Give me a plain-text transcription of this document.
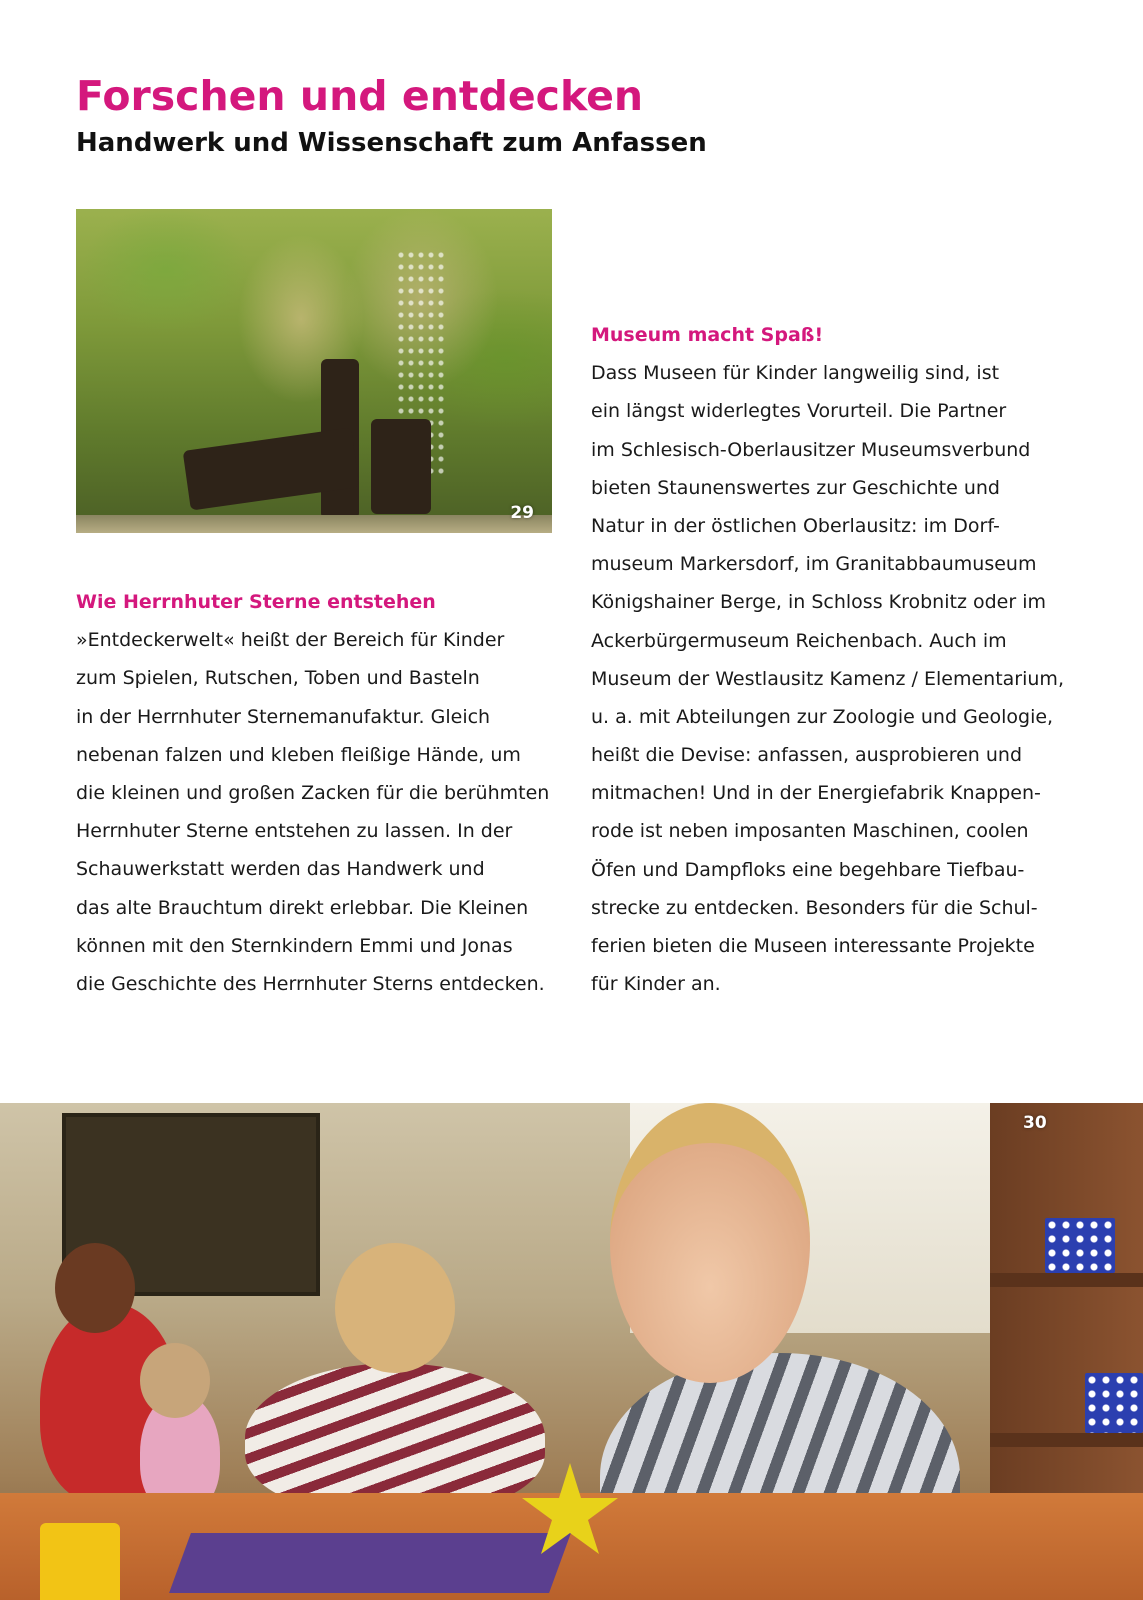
Forschen und entdecken
Handwerk und Wissenschaft zum Anfassen
29
Wie Herrnhuter Sterne entstehen
»Entdeckerwelt« heißt der Bereich für Kinder
zum Spielen, Rutschen, Toben und Basteln
in der Herrnhuter Sternemanufaktur. Gleich
nebenan falzen und kleben fleißige Hände, um
die kleinen und großen Zacken für die berühmten
Herrnhuter Sterne entstehen zu lassen. In der
Schauwerkstatt werden das Handwerk und
das alte Brauchtum direkt erlebbar. Die Kleinen
können mit den Sternkindern Emmi und Jonas
die Geschichte des Herrnhuter Sterns entdecken.
Museum macht Spaß!
Dass Museen für Kinder langweilig sind, ist
ein längst widerlegtes Vorurteil. Die Partner
im Schlesisch-Oberlausitzer Museumsverbund
bieten Staunenswertes zur Geschichte und
Natur in der östlichen Oberlausitz: im Dorf-
museum Markersdorf, im Granitabbaumuseum
Königshainer Berge, in Schloss Krobnitz oder im
Ackerbürgermuseum Reichenbach. Auch im
Museum der Westlausitz Kamenz / Elementarium,
u. a. mit Abteilungen zur Zoologie und Geologie,
heißt die Devise: anfassen, ausprobieren und
mitmachen! Und in der Energiefabrik Knappen-
rode ist neben imposanten Maschinen, coolen
Öfen und Dampfloks eine begehbare Tiefbau-
strecke zu entdecken. Besonders für die Schul-
ferien bieten die Museen interessante Projekte
für Kinder an.
30
